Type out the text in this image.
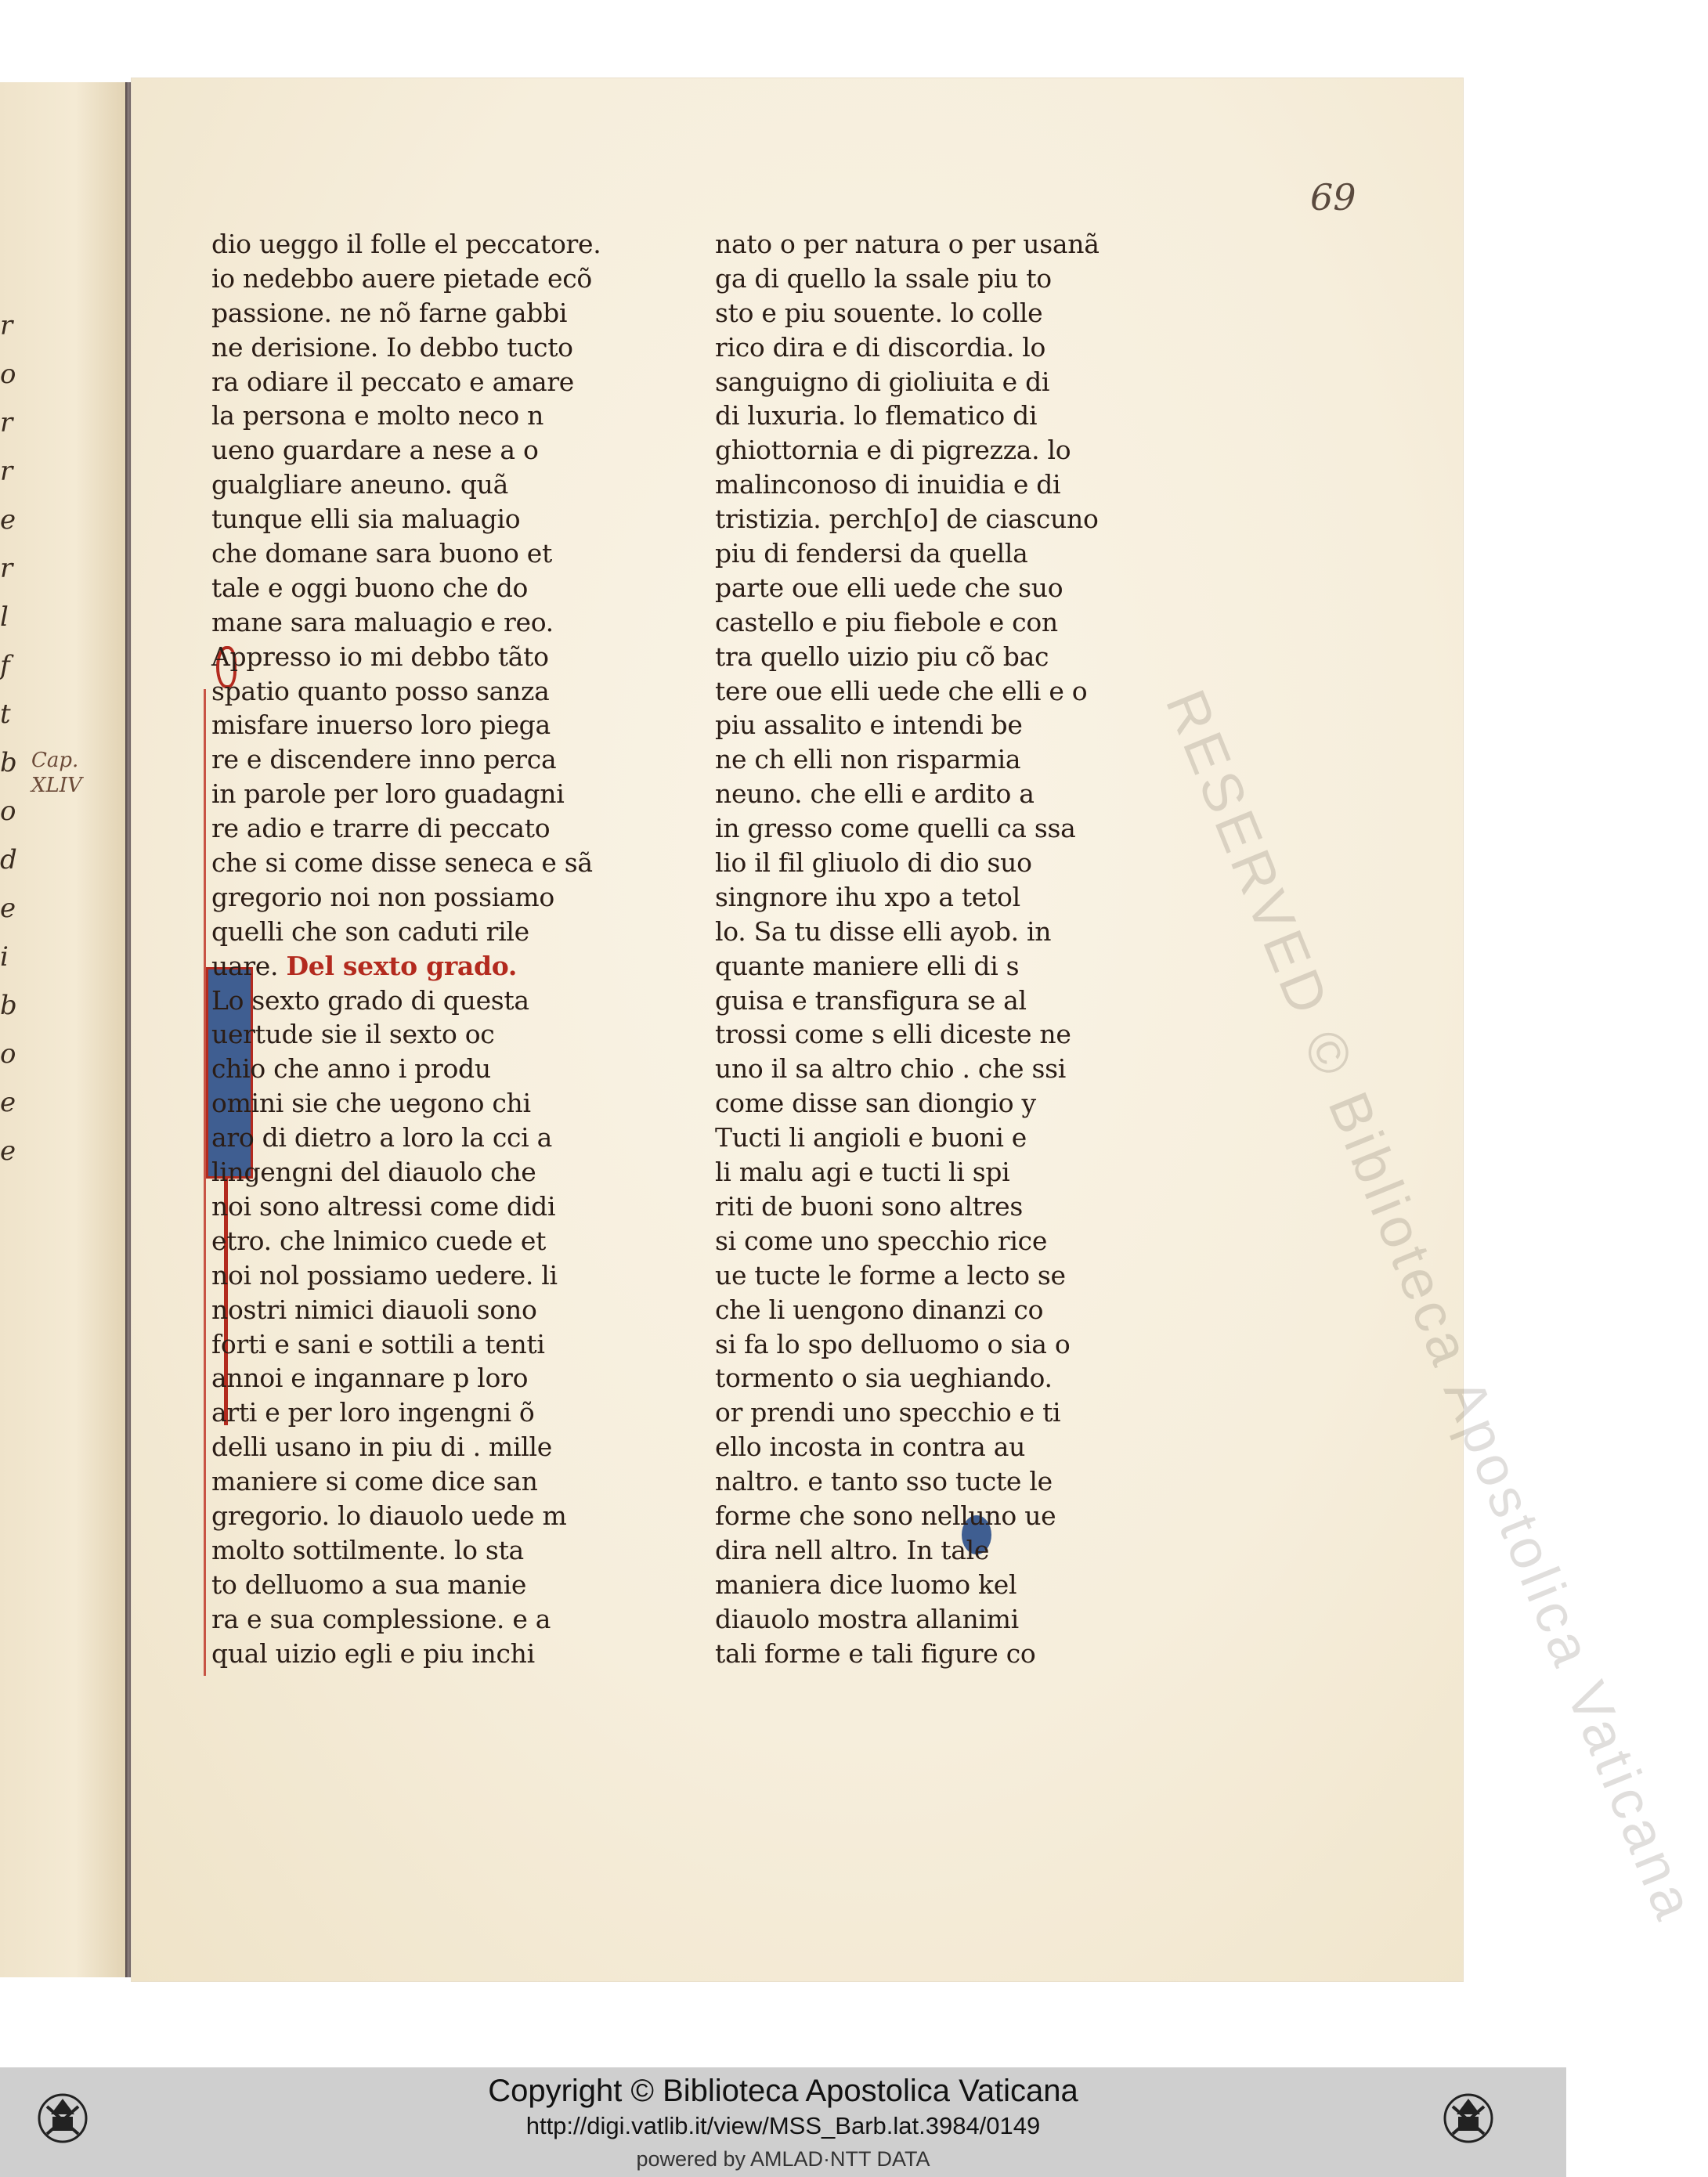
r
o
r
r
e
r
l
f
t
b
o
d
e
i
b
o
e
e
Cap. XLIV
69
dio ueggo il folle el peccatore.
io nedebbo auere pietade ecõ
passione. ne nõ farne gabbi
ne derisione. Io debbo tucto
ra odiare il peccato e amare
la persona e molto neco n
ueno guardare a nese a o
gualgliare aneuno. quã
tunque elli sia maluagio
che domane sara buono et
tale e oggi buono che do
mane sara maluagio e reo.
Appresso io mi debbo tãto
spatio quanto posso sanza
misfare inuerso loro piega
re e discendere inno perca
in parole per loro guadagni
re adio e trarre di peccato
che si come disse seneca e sã
gregorio noi non possiamo
quelli che son caduti rile
uare. Del sexto grado.
Lo sexto grado di questa
uertude sie il sexto oc
chio che anno i produ
omini sie che uegono chi
aro di dietro a loro la cci a
lingengni del diauolo che
noi sono altressi come didi
etro. che lnimico cuede et
noi nol possiamo uedere. li
nostri nimici diauoli sono
forti e sani e sottili a tenti
annoi e ingannare p loro
arti e per loro ingengni õ
delli usano in piu di . mille
maniere si come dice san
gregorio. lo diauolo uede m
molto sottilmente. lo sta
to delluomo a sua manie
ra e sua complessione. e a
qual uizio egli e piu inchi
nato o per natura o per usanã
ga di quello la ssale piu to
sto e piu souente. lo colle
rico dira e di discordia. lo
sanguigno di gioliuita e di
di luxuria. lo flematico di
ghiottornia e di pigrezza. lo
malinconoso di inuidia e di
tristizia. perch[o] de ciascuno
piu di fendersi da quella
parte oue elli uede che suo
castello e piu fiebole e con
tra quello uizio piu cõ bac
tere oue elli uede che elli e o
piu assalito e intendi be
ne ch elli non risparmia
neuno. che elli e ardito a
in gresso come quelli ca ssa
lio il fil gliuolo di dio suo
singnore ihu xpo a tetol
lo. Sa tu disse elli ayob. in
quante maniere elli di s
guisa e transfigura se al
trossi come s elli diceste ne
uno il sa altro chio . che ssi
come disse san diongio y
Tucti li angioli e buoni e
li malu agi e tucti li spi
riti de buoni sono altres
si come uno specchio rice
ue tucte le forme a lecto se
che li uengono dinanzi co
si fa lo spo delluomo o sia o
tormento o sia ueghiando.
or prendi uno specchio e ti
ello incosta in contra au
naltro. e tanto sso tucte le
forme che sono nelluno ue
dira nell altro. In tale
maniera dice luomo kel
diauolo mostra allanimi
tali forme e tali figure co	RESERVED © Biblioteca Apostolica Vaticana
Copyright © Biblioteca Apostolica Vaticana
http://digi.vatlib.it/view/MSS_Barb.lat.3984/0149
powered by AMLAD·NTT DATA
